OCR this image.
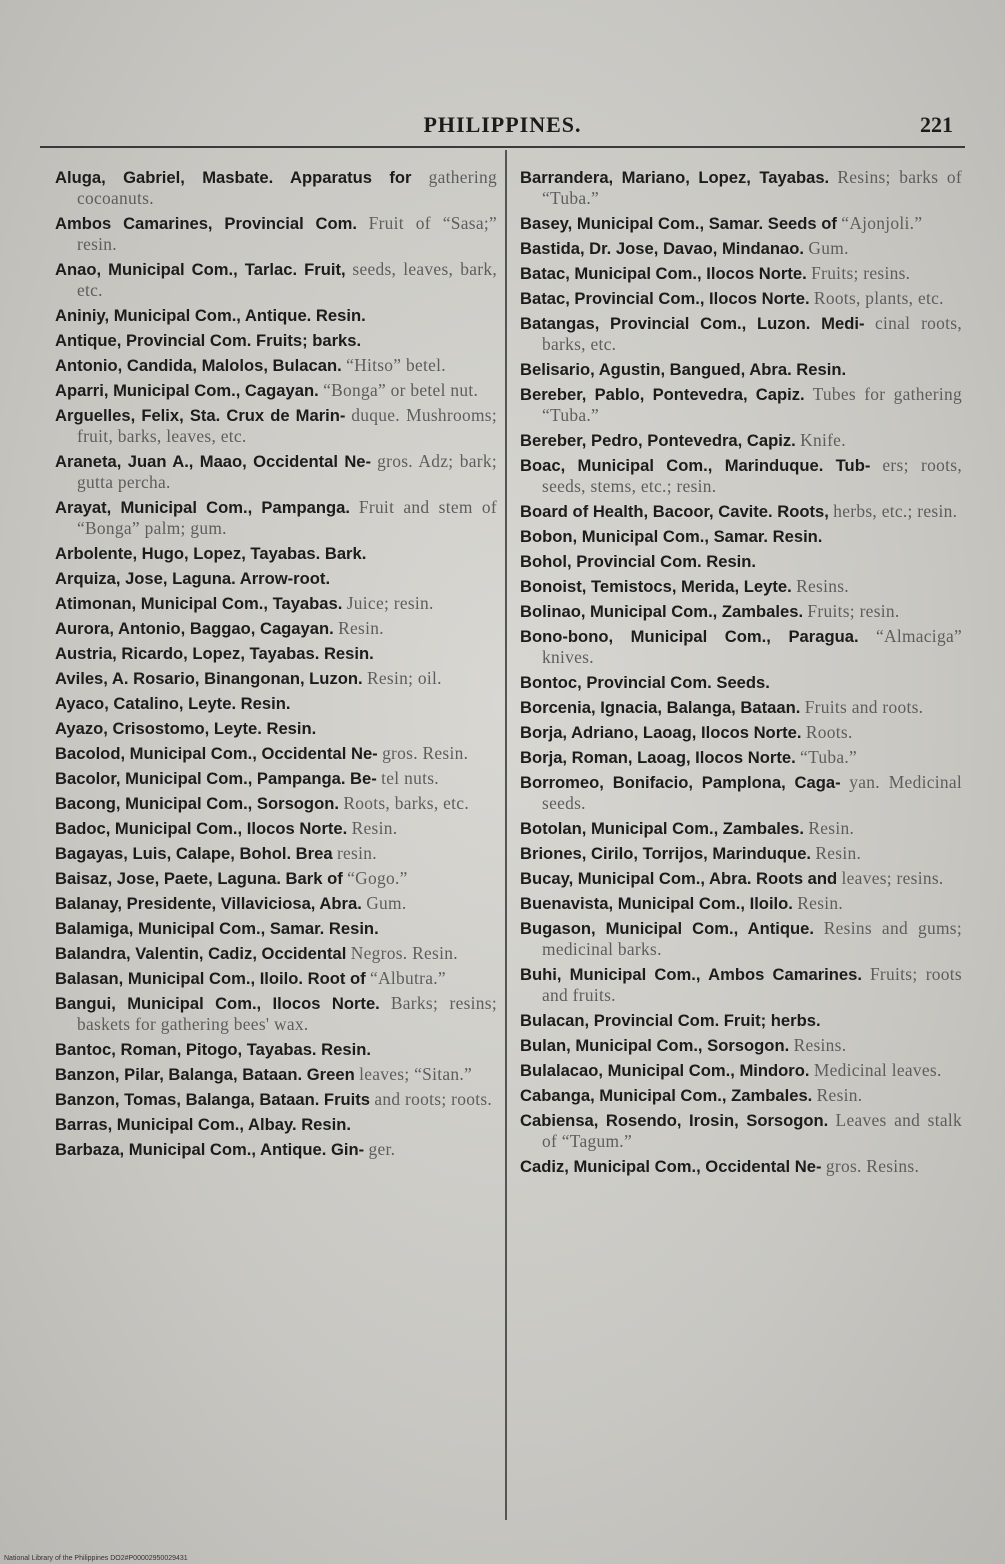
PHILIPPINES.	221

Aluga, Gabriel, Masbate. Apparatus for gathering cocoanuts.

Ambos Camarines, Provincial Com. Fruit of “Sasa;” resin.

Anao, Municipal Com., Tarlac. Fruit, seeds, leaves, bark, etc.

Aniniy, Municipal Com., Antique. Resin.

Antique, Provincial Com. Fruits; barks.

Antonio, Candida, Malolos, Bulacan. “Hitso” betel.

Aparri, Municipal Com., Cagayan. “Bonga” or betel nut.

Arguelles, Felix, Sta. Crux de Marin- duque. Mushrooms; fruit, barks, leaves, etc.

Araneta, Juan A., Maao, Occidental Ne- gros. Adz; bark; gutta percha.

Arayat, Municipal Com., Pampanga. Fruit and stem of “Bonga” palm; gum.

Arbolente, Hugo, Lopez, Tayabas. Bark.

Arquiza, Jose, Laguna. Arrow-root.

Atimonan, Municipal Com., Tayabas. Juice; resin.

Aurora, Antonio, Baggao, Cagayan. Resin.

Austria, Ricardo, Lopez, Tayabas. Resin.

Aviles, A. Rosario, Binangonan, Luzon. Resin; oil.

Ayaco, Catalino, Leyte. Resin.

Ayazo, Crisostomo, Leyte. Resin.

Bacolod, Municipal Com., Occidental Ne- gros. Resin.

Bacolor, Municipal Com., Pampanga. Be- tel nuts.

Bacong, Municipal Com., Sorsogon. Roots, barks, etc.

Badoc, Municipal Com., Ilocos Norte. Resin.

Bagayas, Luis, Calape, Bohol. Brea resin.

Baisaz, Jose, Paete, Laguna. Bark of “Gogo.”

Balanay, Presidente, Villaviciosa, Abra. Gum.

Balamiga, Municipal Com., Samar. Resin.

Balandra, Valentin, Cadiz, Occidental Negros. Resin.

Balasan, Municipal Com., Iloilo. Root of “Albutra.”

Bangui, Municipal Com., Ilocos Norte. Barks; resins; baskets for gathering bees' wax.

Bantoc, Roman, Pitogo, Tayabas. Resin.

Banzon, Pilar, Balanga, Bataan. Green leaves; “Sitan.”

Banzon, Tomas, Balanga, Bataan. Fruits and roots; roots.

Barras, Municipal Com., Albay. Resin.

Barbaza, Municipal Com., Antique. Gin- ger.

Barrandera, Mariano, Lopez, Tayabas. Resins; barks of “Tuba.”

Basey, Municipal Com., Samar. Seeds of “Ajonjoli.”

Bastida, Dr. Jose, Davao, Mindanao. Gum.

Batac, Municipal Com., Ilocos Norte. Fruits; resins.

Batac, Provincial Com., Ilocos Norte. Roots, plants, etc.

Batangas, Provincial Com., Luzon. Medi- cinal roots, barks, etc.

Belisario, Agustin, Bangued, Abra. Resin.

Bereber, Pablo, Pontevedra, Capiz. Tubes for gathering “Tuba.”

Bereber, Pedro, Pontevedra, Capiz. Knife.

Boac, Municipal Com., Marinduque. Tub- ers; roots, seeds, stems, etc.; resin.

Board of Health, Bacoor, Cavite. Roots, herbs, etc.; resin.

Bobon, Municipal Com., Samar. Resin.

Bohol, Provincial Com. Resin.

Bonoist, Temistocs, Merida, Leyte. Resins.

Bolinao, Municipal Com., Zambales. Fruits; resin.

Bono-bono, Municipal Com., Paragua. “Almaciga” knives.

Bontoc, Provincial Com. Seeds.

Borcenia, Ignacia, Balanga, Bataan. Fruits and roots.

Borja, Adriano, Laoag, Ilocos Norte. Roots.

Borja, Roman, Laoag, Ilocos Norte. “Tuba.”

Borromeo, Bonifacio, Pamplona, Caga- yan. Medicinal seeds.

Botolan, Municipal Com., Zambales. Resin.

Briones, Cirilo, Torrijos, Marinduque. Resin.

Bucay, Municipal Com., Abra. Roots and leaves; resins.

Buenavista, Municipal Com., Iloilo. Resin.

Bugason, Municipal Com., Antique. Resins and gums; medicinal barks.

Buhi, Municipal Com., Ambos Camarines. Fruits; roots and fruits.

Bulacan, Provincial Com. Fruit; herbs.

Bulan, Municipal Com., Sorsogon. Resins.

Bulalacao, Municipal Com., Mindoro. Medicinal leaves.

Cabanga, Municipal Com., Zambales. Resin.

Cabiensa, Rosendo, Irosin, Sorsogon. Leaves and stalk of “Tagum.”

Cadiz, Municipal Com., Occidental Ne- gros. Resins.

National Library of the Philippines DO2#P00002950029431
